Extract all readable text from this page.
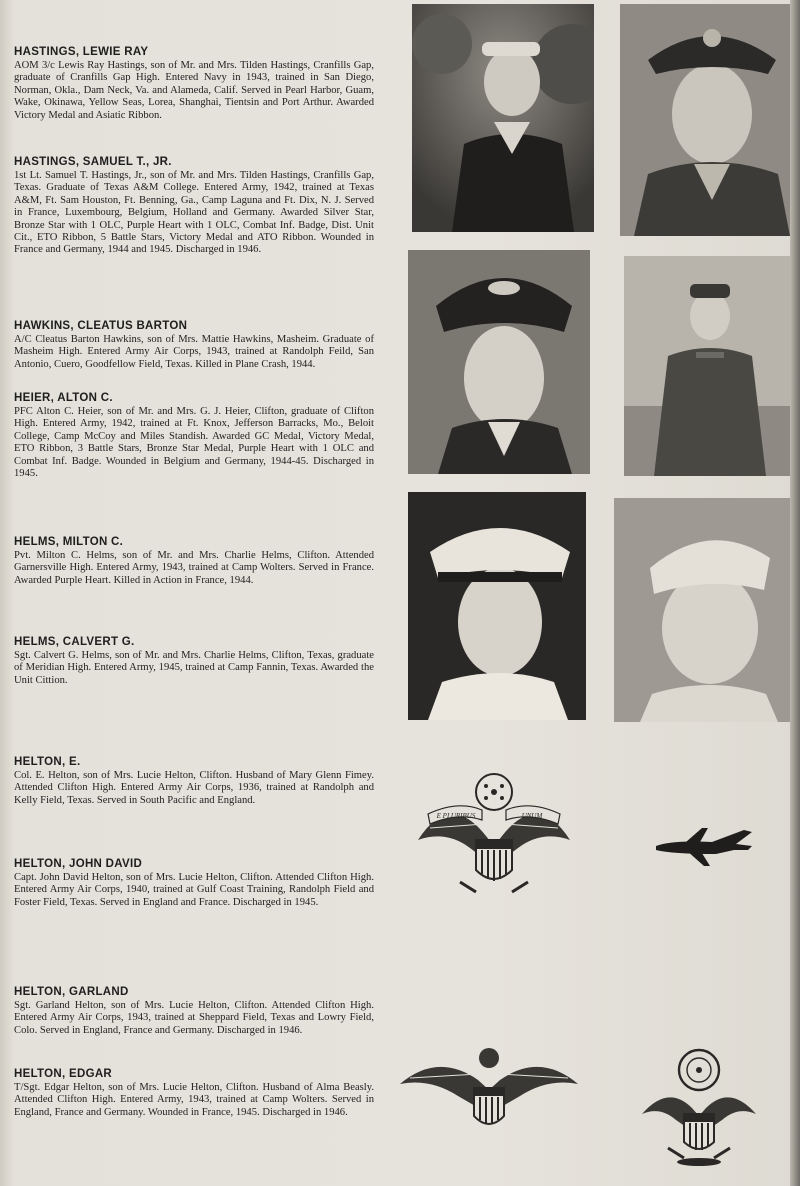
HASTINGS, LEWIE RAY

AOM 3/c Lewis Ray Hastings, son of Mr. and Mrs. Tilden Hastings, Cranfills Gap, graduate of Cranfills Gap High. Entered Navy in 1943, trained in San Diego, Norman, Okla., Dam Neck, Va. and Alameda, Calif. Served in Pearl Harbor, Guam, Wake, Okinawa, Yellow Seas, Lorea, Shanghai, Tientsin and Port Arthur. Awarded Victory Medal and Asiatic Ribbon.

HASTINGS, SAMUEL T., JR.

1st Lt. Samuel T. Hastings, Jr., son of Mr. and Mrs. Tilden Hastings, Cranfills Gap, Texas. Graduate of Texas A&M College. Entered Army, 1942, trained at Texas A&M, Ft. Sam Houston, Ft. Benning, Ga., Camp Laguna and Ft. Dix, N. J. Served in France, Luxembourg, Belgium, Holland and Germany. Awarded Silver Star, Bronze Star with 1 OLC, Purple Heart with 1 OLC, Combat Inf. Badge, Dist. Unit Cit., ETO Ribbon, 5 Battle Stars, Victory Medal and ATO Ribbon. Wounded in France and Germany, 1944 and 1945. Discharged in 1946.

HAWKINS, CLEATUS BARTON

A/C Cleatus Barton Hawkins, son of Mrs. Mattie Hawkins, Masheim. Graduate of Masheim High. Entered Army Air Corps, 1943, trained at Randolph Feild, San Antonio, Cuero, Goodfellow Field, Texas. Killed in Plane Crash, 1944.

HEIER, ALTON C.

PFC Alton C. Heier, son of Mr. and Mrs. G. J. Heier, Clifton, graduate of Clifton High. Entered Army, 1942, trained at Ft. Knox, Jefferson Barracks, Mo., Beloit College, Camp McCoy and Miles Standish. Awarded GC Medal, Victory Medal, ETO Ribbon, 3 Battle Stars, Bronze Star Medal, Purple Heart with 1 OLC and Combat Inf. Badge. Wounded in Belgium and Germany, 1944-45. Discharged in 1945.

HELMS, MILTON C.

Pvt. Milton C. Helms, son of Mr. and Mrs. Charlie Helms, Clifton. Attended Garnersville High. Entered Army, 1943, trained at Camp Wolters. Served in France. Awarded Purple Heart. Killed in Action in France, 1944.

HELMS, CALVERT G.

Sgt. Calvert G. Helms, son of Mr. and Mrs. Charlie Helms, Clifton, Texas, graduate of Meridian High. Entered Army, 1945, trained at Camp Fannin, Texas. Awarded the Unit Cittion.

HELTON, E.

Col. E. Helton, son of Mrs. Lucie Helton, Clifton. Husband of Mary Glenn Fimey. Attended Clifton High. Entered Army Air Corps, 1936, trained at Randolph and Kelly Field, Texas. Served in South Pacific and England.

HELTON, JOHN DAVID

Capt. John David Helton, son of Mrs. Lucie Helton, Clifton. Attended Clifton High. Entered Army Air Corps, 1940, trained at Gulf Coast Training, Randolph Field and Foster Field, Texas. Served in England and France. Discharged in 1945.

HELTON, GARLAND

Sgt. Garland Helton, son of Mrs. Lucie Helton, Clifton. Attended Clifton High. Entered Army Air Corps, 1943, trained at Sheppard Field, Texas and Lowry Field, Colo. Served in England, France and Germany. Discharged in 1946.

HELTON, EDGAR

T/Sgt. Edgar Helton, son of Mrs. Lucie Helton, Clifton. Husband of Alma Beasly. Attended Clifton High. Entered Army, 1943, trained at Camp Wolters. Served in England, France and Germany. Wounded in France, 1945. Discharged in 1946.

E PLURIBUS	UNUM
